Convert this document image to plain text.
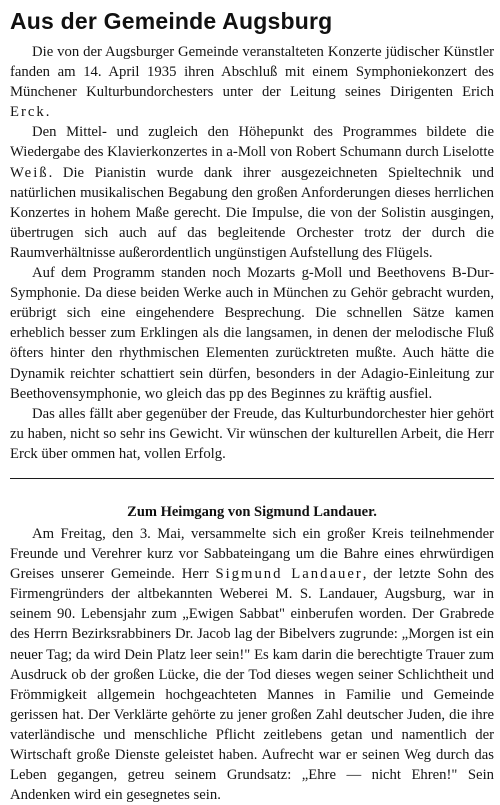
Aus der Gemeinde Augsburg

Die von der Augsburger Gemeinde veranstalteten Konzerte jüdischer Künstler fanden am 14. April 1935 ihren Abschluß mit einem Symphoniekonzert des Münchener Kulturbundorchesters unter der Leitung seines Dirigenten Erich Erck.

Den Mittel- und zugleich den Höhepunkt des Programmes bildete die Wiedergabe des Klavierkonzertes in a-Moll von Robert Schumann durch Liselotte Weiß. Die Pianistin wurde dank ihrer ausgezeichneten Spieltechnik und natürlichen musikalischen Begabung den großen Anforderungen dieses herrlichen Konzertes in hohem Maße gerecht. Die Impulse, die von der Solistin ausgingen, übertrugen sich auch auf das begleitende Orchester trotz der durch die Raumverhältnisse außerordentlich ungünstigen Aufstellung des Flügels.

Auf dem Programm standen noch Mozarts g-Moll und Beethovens B-Dur-Symphonie. Da diese beiden Werke auch in München zu Gehör gebracht wurden, erübrigt sich eine eingehendere Besprechung. Die schnellen Sätze kamen erheblich besser zum Erklingen als die langsamen, in denen der melodische Fluß öfters hinter den rhythmischen Elementen zurücktreten mußte. Auch hätte die Dynamik reichter schattiert sein dürfen, besonders in der Adagio-Einleitung zur Beethovensymphonie, wo gleich das pp des Beginnes zu kräftig ausfiel.

Das alles fällt aber gegenüber der Freude, das Kulturbundorchester hier gehört zu haben, nicht so sehr ins Gewicht. Vir wünschen der kulturellen Arbeit, die Herr Erck über ommen hat, vollen Erfolg.

Zum Heimgang von Sigmund Landauer.

Am Freitag, den 3. Mai, versammelte sich ein großer Kreis teilnehmender Freunde und Verehrer kurz vor Sabbateingang um die Bahre eines ehrwürdigen Greises unserer Gemeinde. Herr Sigmund Landauer, der letzte Sohn des Firmengründers der altbekannten Weberei M. S. Landauer, Augsburg, war in seinem 90. Lebensjahr zum „Ewigen Sabbat" einberufen worden. Der Grabrede des Herrn Bezirksrabbiners Dr. Jacob lag der Bibelvers zugrunde: „Morgen ist ein neuer Tag; da wird Dein Platz leer sein!" Es kam darin die berechtigte Trauer zum Ausdruck ob der großen Lücke, die der Tod dieses wegen seiner Schlichtheit und Frömmigkeit allgemein hochgeachteten Mannes in Familie und Gemeinde gerissen hat. Der Verklärte gehörte zu jener großen Zahl deutscher Juden, die ihre vaterländische und menschliche Pflicht zeitlebens getan und namentlich der Wirtschaft große Dienste geleistet haben. Aufrecht war er seinen Weg durch das Leben gegangen, getreu seinem Grundsatz: „Ehre — nicht Ehren!" Sein Andenken wird ein gesegnetes sein.
